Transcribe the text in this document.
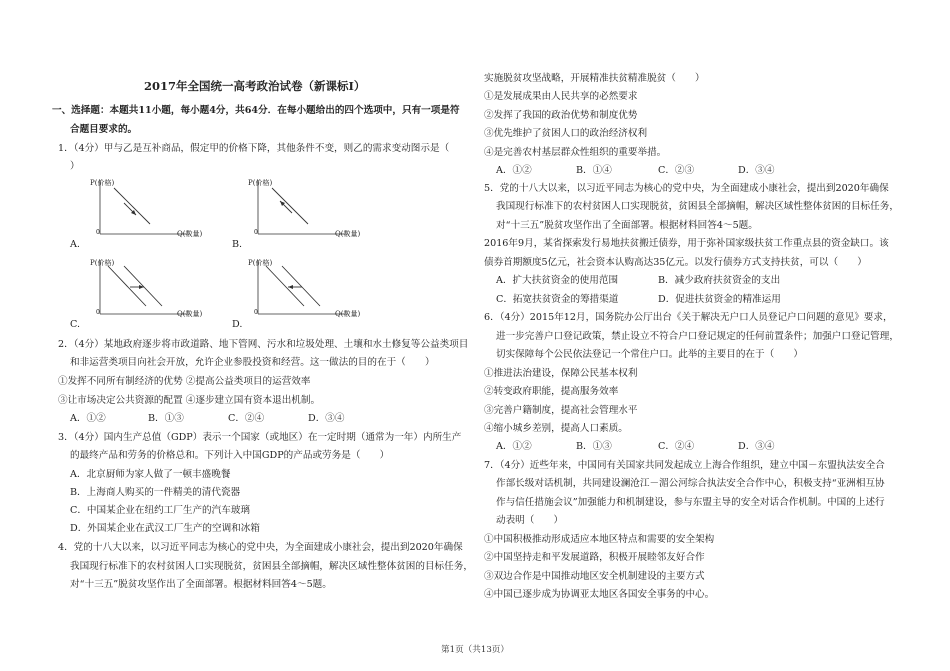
2017年全国统一高考政治试卷（新课标Ⅰ）
一、选择题：本题共11小题，每小题4分，共64分．在每小题给出的四个选项中，只有一项是符
合题目要求的。
1．（4分）甲与乙是互补商品，假定甲的价格下降，其他条件不变，则乙的需求变动图示是（
）
P(价格)
Q(数量)
0
A.
P(价格)
Q(数量)
0
B.
P(价格)
Q(数量)
0
C.
P(价格)
Q(数量)
0
D.
2．（4分）某地政府逐步将市政道路、地下管网、污水和垃圾处理、土壤和水土修复等公益类项目
和非运营类项目向社会开放，允许企业参股投资和经营。这一做法的目的在于（　　）
①发挥不同所有制经济的优势 ②提高公益类项目的运营效率
③让市场决定公共资源的配置 ④逐步建立国有资本退出机制。
A．①②	B．①③	C．②④	D．③④
3．（4分）国内生产总值（GDP）表示一个国家（或地区）在一定时期（通常为一年）内所生产
的最终产品和劳务的价格总和。下列计入中国GDP的产品或劳务是（　　）
A．北京厨师为家人做了一顿丰盛晚餐
B．上海商人购买的一件精美的清代瓷器
C．中国某企业在纽约工厂生产的汽车玻璃
D．外国某企业在武汉工厂生产的空调和冰箱
4．党的十八大以来，以习近平同志为核心的党中央，为全面建成小康社会，提出到2020年确保
我国现行标准下的农村贫困人口实现脱贫，贫困县全部摘帽，解决区域性整体贫困的目标任务，
对“十三五”脱贫攻坚作出了全面部署。根据材料回答4～5题。
实施脱贫攻坚战略，开展精准扶贫精准脱贫（　　）
①是发展成果由人民共享的必然要求
②发挥了我国的政治优势和制度优势
③优先维护了贫困人口的政治经济权利
④是完善农村基层群众性组织的重要举措。
A．①②	B．①④	C．②③	D．③④
5．党的十八大以来，以习近平同志为核心的党中央，为全面建成小康社会，提出到2020年确保
我国现行标准下的农村贫困人口实现脱贫，贫困县全部摘帽，解决区域性整体贫困的目标任务，
对“十三五”脱贫攻坚作出了全面部署。根据材料回答4～5题。
2016年9月，某省探索发行易地扶贫搬迁债券，用于弥补国家级扶贫工作重点县的资金缺口。该
债券首期额度5亿元，社会资本认购高达35亿元。以发行债券方式支持扶贫，可以（　　）
A．扩大扶贫资金的使用范围	B．减少政府扶贫资金的支出
C．拓宽扶贫资金的筹措渠道	D．促进扶贫资金的精准运用
6．（4分）2015年12月，国务院办公厅出台《关于解决无户口人员登记户口问题的意见》要求，
进一步完善户口登记政策，禁止设立不符合户口登记规定的任何前置条件；加强户口登记管理，
切实保障每个公民依法登记一个常住户口。此举的主要目的在于（　　）
①推进法治建设，保障公民基本权利
②转变政府职能，提高服务效率
③完善户籍制度，提高社会管理水平
④缩小城乡差别，提高人口素质。
A．①②	B．①③	C．②④	D．③④
7．（4分）近些年来，中国同有关国家共同发起成立上海合作组织，建立中国－东盟执法安全合
作部长级对话机制，共同建设澜沧江－湄公河综合执法安全合作中心，积极支持“亚洲相互协
作与信任措施会议”加强能力和机制建设，参与东盟主导的安全对话合作机制。中国的上述行
动表明（　　）
①中国积极推动形成适应本地区特点和需要的安全架构
②中国坚持走和平发展道路，积极开展睦邻友好合作
③双边合作是中国推动地区安全机制建设的主要方式
④中国已逐步成为协调亚太地区各国安全事务的中心。
第1页（共13页）
